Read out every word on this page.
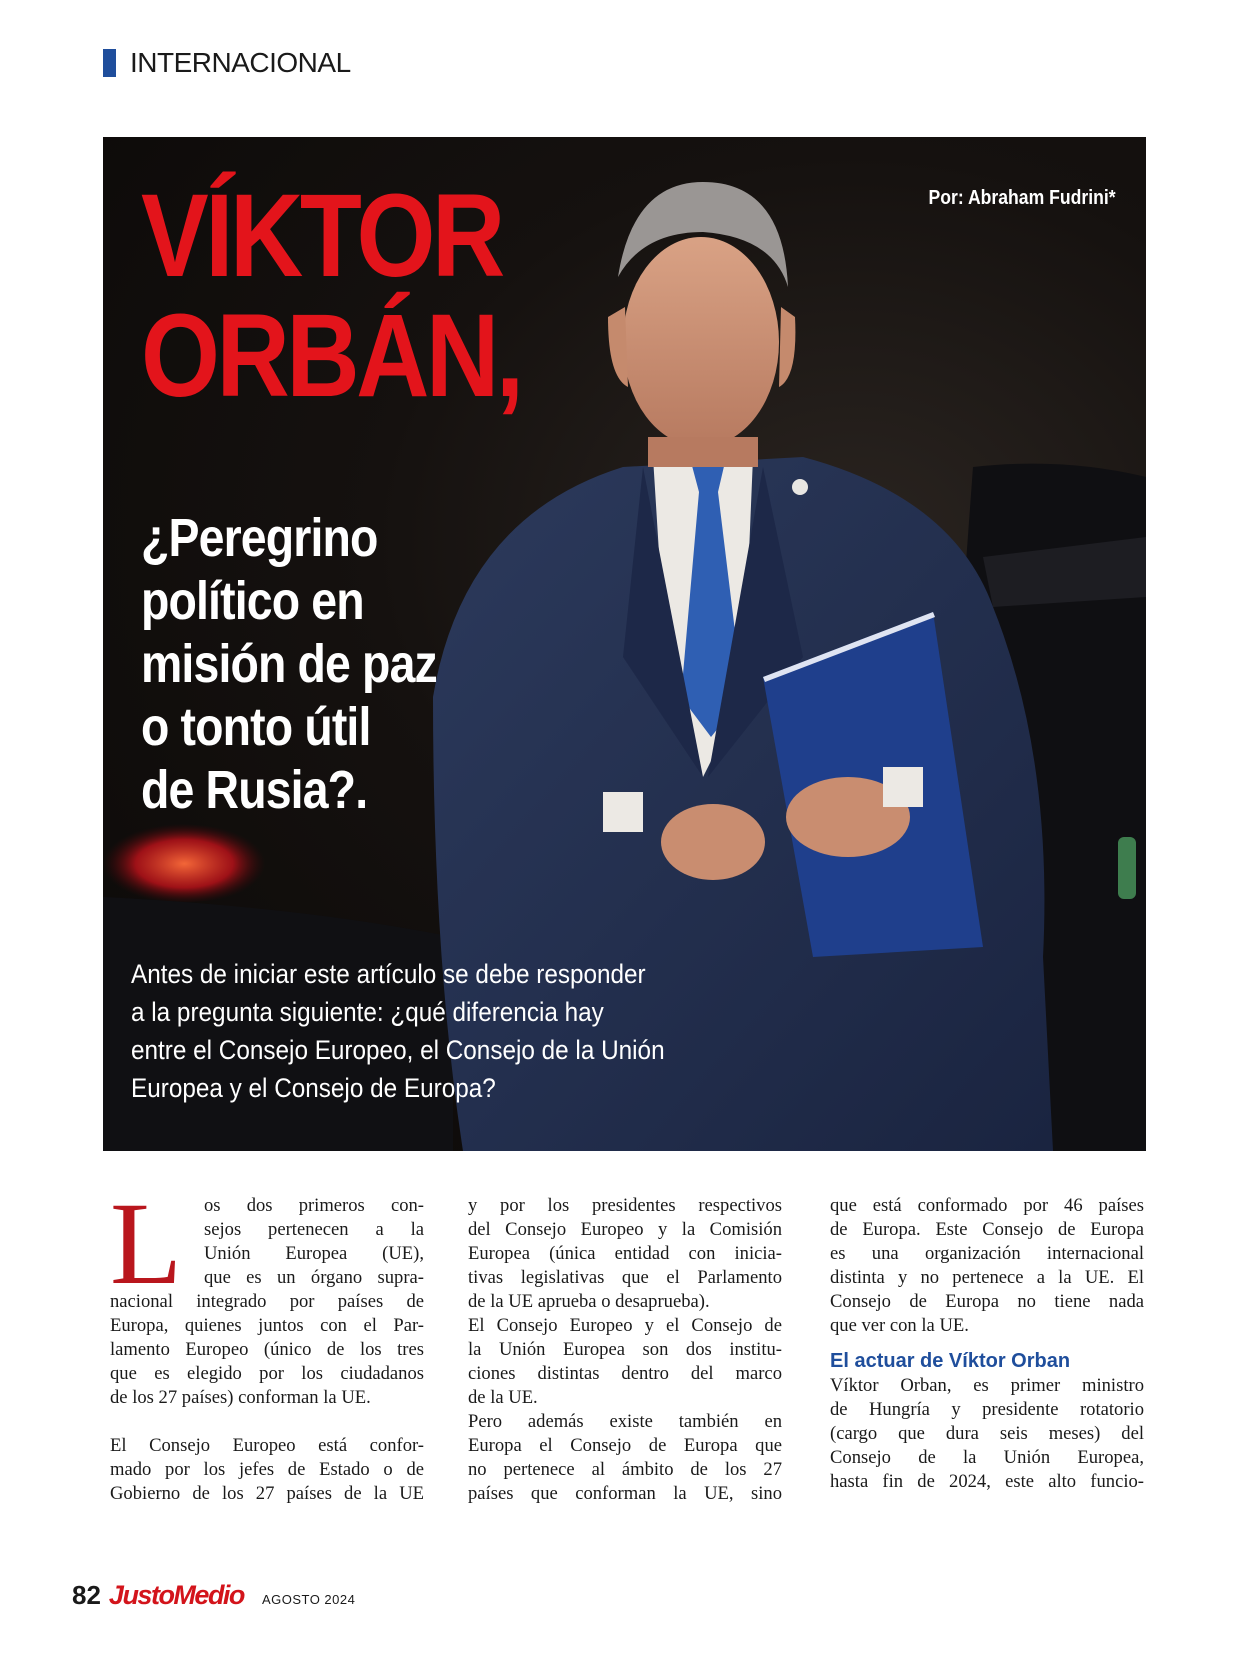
INTERNACIONAL
VÍKTOR
ORBÁN,
Por: Abraham Fudrini*
¿Peregrino
político en
misión de paz
o tonto útil
de Rusia?.
Antes de iniciar este artículo se debe responder
a la pregunta siguiente: ¿qué diferencia hay
entre el Consejo Europeo, el Consejo de la Unión
Europea y el Consejo de Europa?
L	os dos primeros con-
sejos pertenecen a la
Unión Europea (UE),
que es un órgano supra-
nacional integrado por países de
Europa, quienes juntos con el Par-
lamento Europeo (único de los tres
que es elegido por los ciudadanos
de los 27 países) conforman la UE.
El Consejo Europeo está confor-
mado por los jefes de Estado o de
Gobierno de los 27 países de la UE
y por los presidentes respectivos
del Consejo Europeo y la Comisión
Europea (única entidad con inicia-
tivas legislativas que el Parlamento
de la UE aprueba o desaprueba).
El Consejo Europeo y el Consejo de
la Unión Europea son dos institu-
ciones distintas dentro del marco
de la UE.
Pero además existe también en
Europa el Consejo de Europa que
no pertenece al ámbito de los 27
países que conforman la UE, sino
que está conformado por 46 países
de Europa. Este Consejo de Europa
es una organización internacional
distinta y no pertenece a la UE. El
Consejo de Europa no tiene nada
que ver con la UE.
El actuar de Víktor Orban
Víktor Orban, es primer ministro
de Hungría y presidente rotatorio
(cargo que dura seis meses) del
Consejo de la Unión Europea,
hasta fin de 2024, este alto funcio-
82 JustoMedio AGOSTO 2024
